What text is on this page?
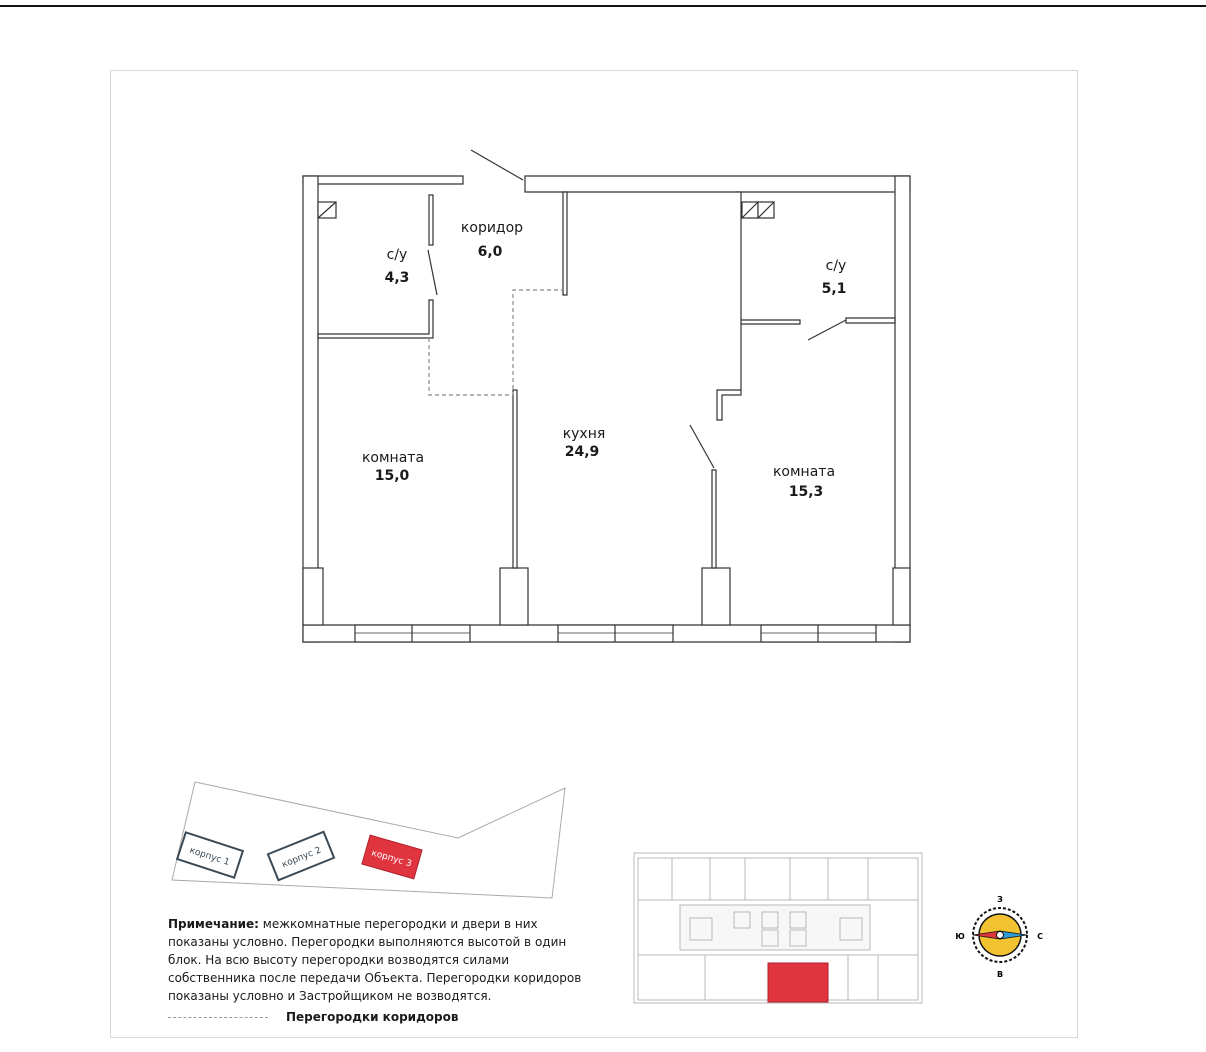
с/у
4,3
коридор
6,0
с/у
5,1
кухня
24,9
комната
15,0	комната
15,3
корпус 1	корпус 2	корпус 3
З
В
Ю	С
Примечание: межкомнатные перегородки и двери в них показаны условно. Перегородки выполняются высотой в один блок. На всю высоту перегородки возводятся силами собственника после передачи Объекта. Перегородки коридоров показаны условно и Застройщиком не возводятся.
Перегородки коридоров
